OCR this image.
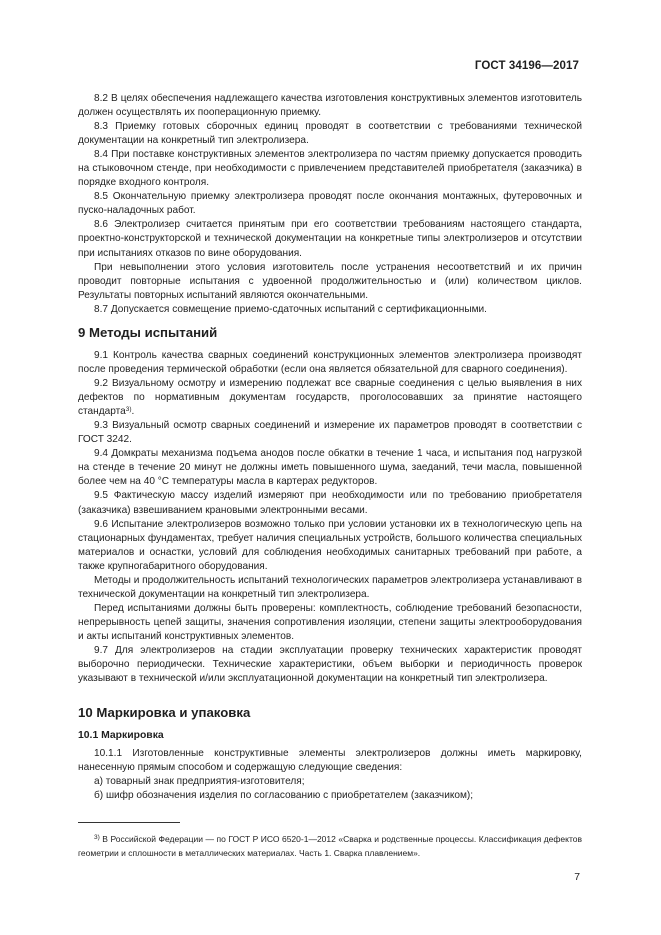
ГОСТ 34196—2017

8.2 В целях обеспечения надлежащего качества изготовления конструктивных элементов изготовитель должен осуществлять их пооперационную приемку.

8.3 Приемку готовых сборочных единиц проводят в соответствии с требованиями технической документации на конкретный тип электролизера.

8.4 При поставке конструктивных элементов электролизера по частям приемку допускается проводить на стыковочном стенде, при необходимости с привлечением представителей приобретателя (заказчика) в порядке входного контроля.

8.5 Окончательную приемку электролизера проводят после окончания монтажных, футеровочных и пуско-наладочных работ.

8.6 Электролизер считается принятым при его соответствии требованиям настоящего стандарта, проектно-конструкторской и технической документации на конкретные типы электролизеров и отсутствии при испытаниях отказов по вине оборудования.

При невыполнении этого условия изготовитель после устранения несоответствий и их причин проводит повторные испытания с удвоенной продолжительностью и (или) количеством циклов. Результаты повторных испытаний являются окончательными.

8.7 Допускается совмещение приемо-сдаточных испытаний с сертификационными.

9 Методы испытаний

9.1 Контроль качества сварных соединений конструкционных элементов электролизера производят после проведения термической обработки (если она является обязательной для сварного соединения).

9.2 Визуальному осмотру и измерению подлежат все сварные соединения с целью выявления в них дефектов по нормативным документам государств, проголосовавших за принятие настоящего стандарта$^{3)}$.

9.3 Визуальный осмотр сварных соединений и измерение их параметров проводят в соответствии с ГОСТ 3242.

9.4 Домкраты механизма подъема анодов после обкатки в течение 1 часа, и испытания под нагрузкой на стенде в течение 20 минут не должны иметь повышенного шума, заеданий, течи масла, повышенной более чем на 40 °С температуры масла в картерах редукторов.

9.5 Фактическую массу изделий измеряют при необходимости или по требованию приобретателя (заказчика) взвешиванием крановыми электронными весами.

9.6 Испытание электролизеров возможно только при условии установки их в технологическую цепь на стационарных фундаментах, требует наличия специальных устройств, большого количества специальных материалов и оснастки, условий для соблюдения необходимых санитарных требований при работе, а также крупногабаритного оборудования.

Методы и продолжительность испытаний технологических параметров электролизера устанавливают в технической документации на конкретный тип электролизера.

Перед испытаниями должны быть проверены: комплектность, соблюдение требований безопасности, непрерывность цепей защиты, значения сопротивления изоляции, степени защиты электрооборудования и акты испытаний конструктивных элементов.

9.7 Для электролизеров на стадии эксплуатации проверку технических характеристик проводят выборочно периодически. Технические характеристики, объем выборки и периодичность проверок указывают в технической и/или эксплуатационной документации на конкретный тип электролизера.

10 Маркировка и упаковка
10.1 Маркировка

10.1.1 Изготовленные конструктивные элементы электролизеров должны иметь маркировку, нанесенную прямым способом и содержащую следующие сведения:

а) товарный знак предприятия-изготовителя;

б) шифр обозначения изделия по согласованию с приобретателем (заказчиком);

$^{3)}$ В Российской Федерации — по ГОСТ Р ИСО 6520-1—2012 «Сварка и родственные процессы. Классификация дефектов геометрии и сплошности в металлических материалах. Часть 1. Сварка плавлением».

7
